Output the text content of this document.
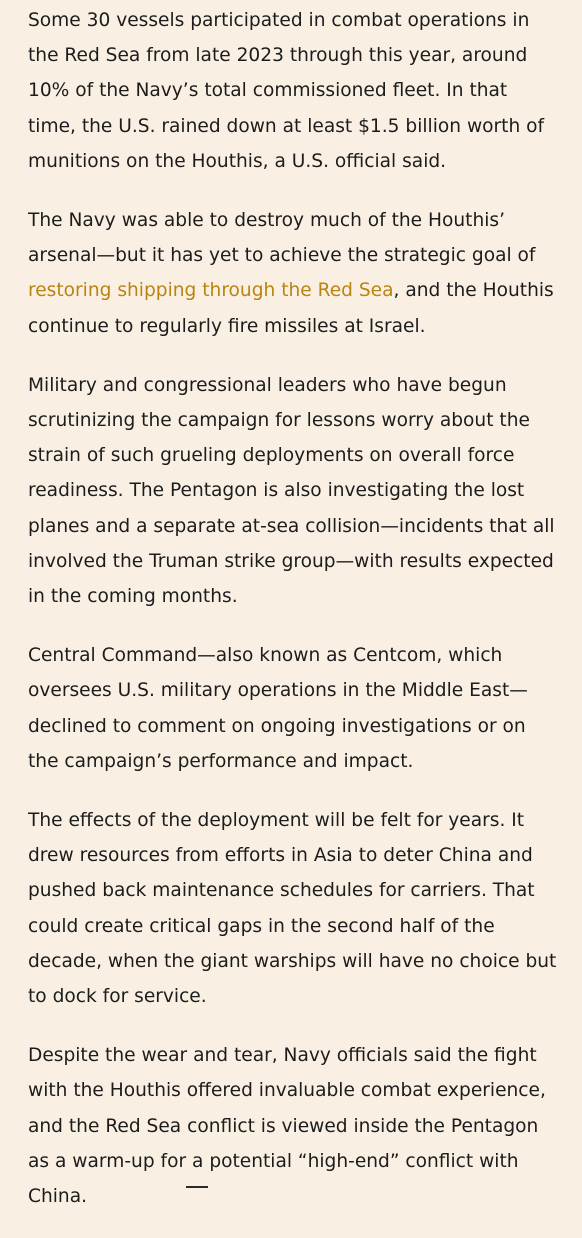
Some 30 vessels participated in combat operations in the Red Sea from late 2023 through this year, around 10% of the Navy’s total commissioned fleet. In that time, the U.S. rained down at least $1.5 billion worth of munitions on the Houthis, a U.S. official said.

The Navy was able to destroy much of the Houthis’ arsenal—but it has yet to achieve the strategic goal of restoring shipping through the Red Sea, and the Houthis continue to regularly fire missiles at Israel.

Military and congressional leaders who have begun scrutinizing the campaign for lessons worry about the strain of such grueling deployments on overall force readiness. The Pentagon is also investigating the lost planes and a separate at-sea collision—incidents that all involved the Truman strike group—with results expected in the coming months.

Central Command—also known as Centcom, which oversees U.S. military operations in the Middle East—declined to comment on ongoing investigations or on the campaign’s performance and impact.

The effects of the deployment will be felt for years. It drew resources from efforts in Asia to deter China and pushed back maintenance schedules for carriers. That could create critical gaps in the second half of the decade, when the giant warships will have no choice but to dock for service.

Despite the wear and tear, Navy officials said the fight with the Houthis offered invaluable combat experience, and the Red Sea conflict is viewed inside the Pentagon as a warm-up for a potential “high-end” conflict with China.
